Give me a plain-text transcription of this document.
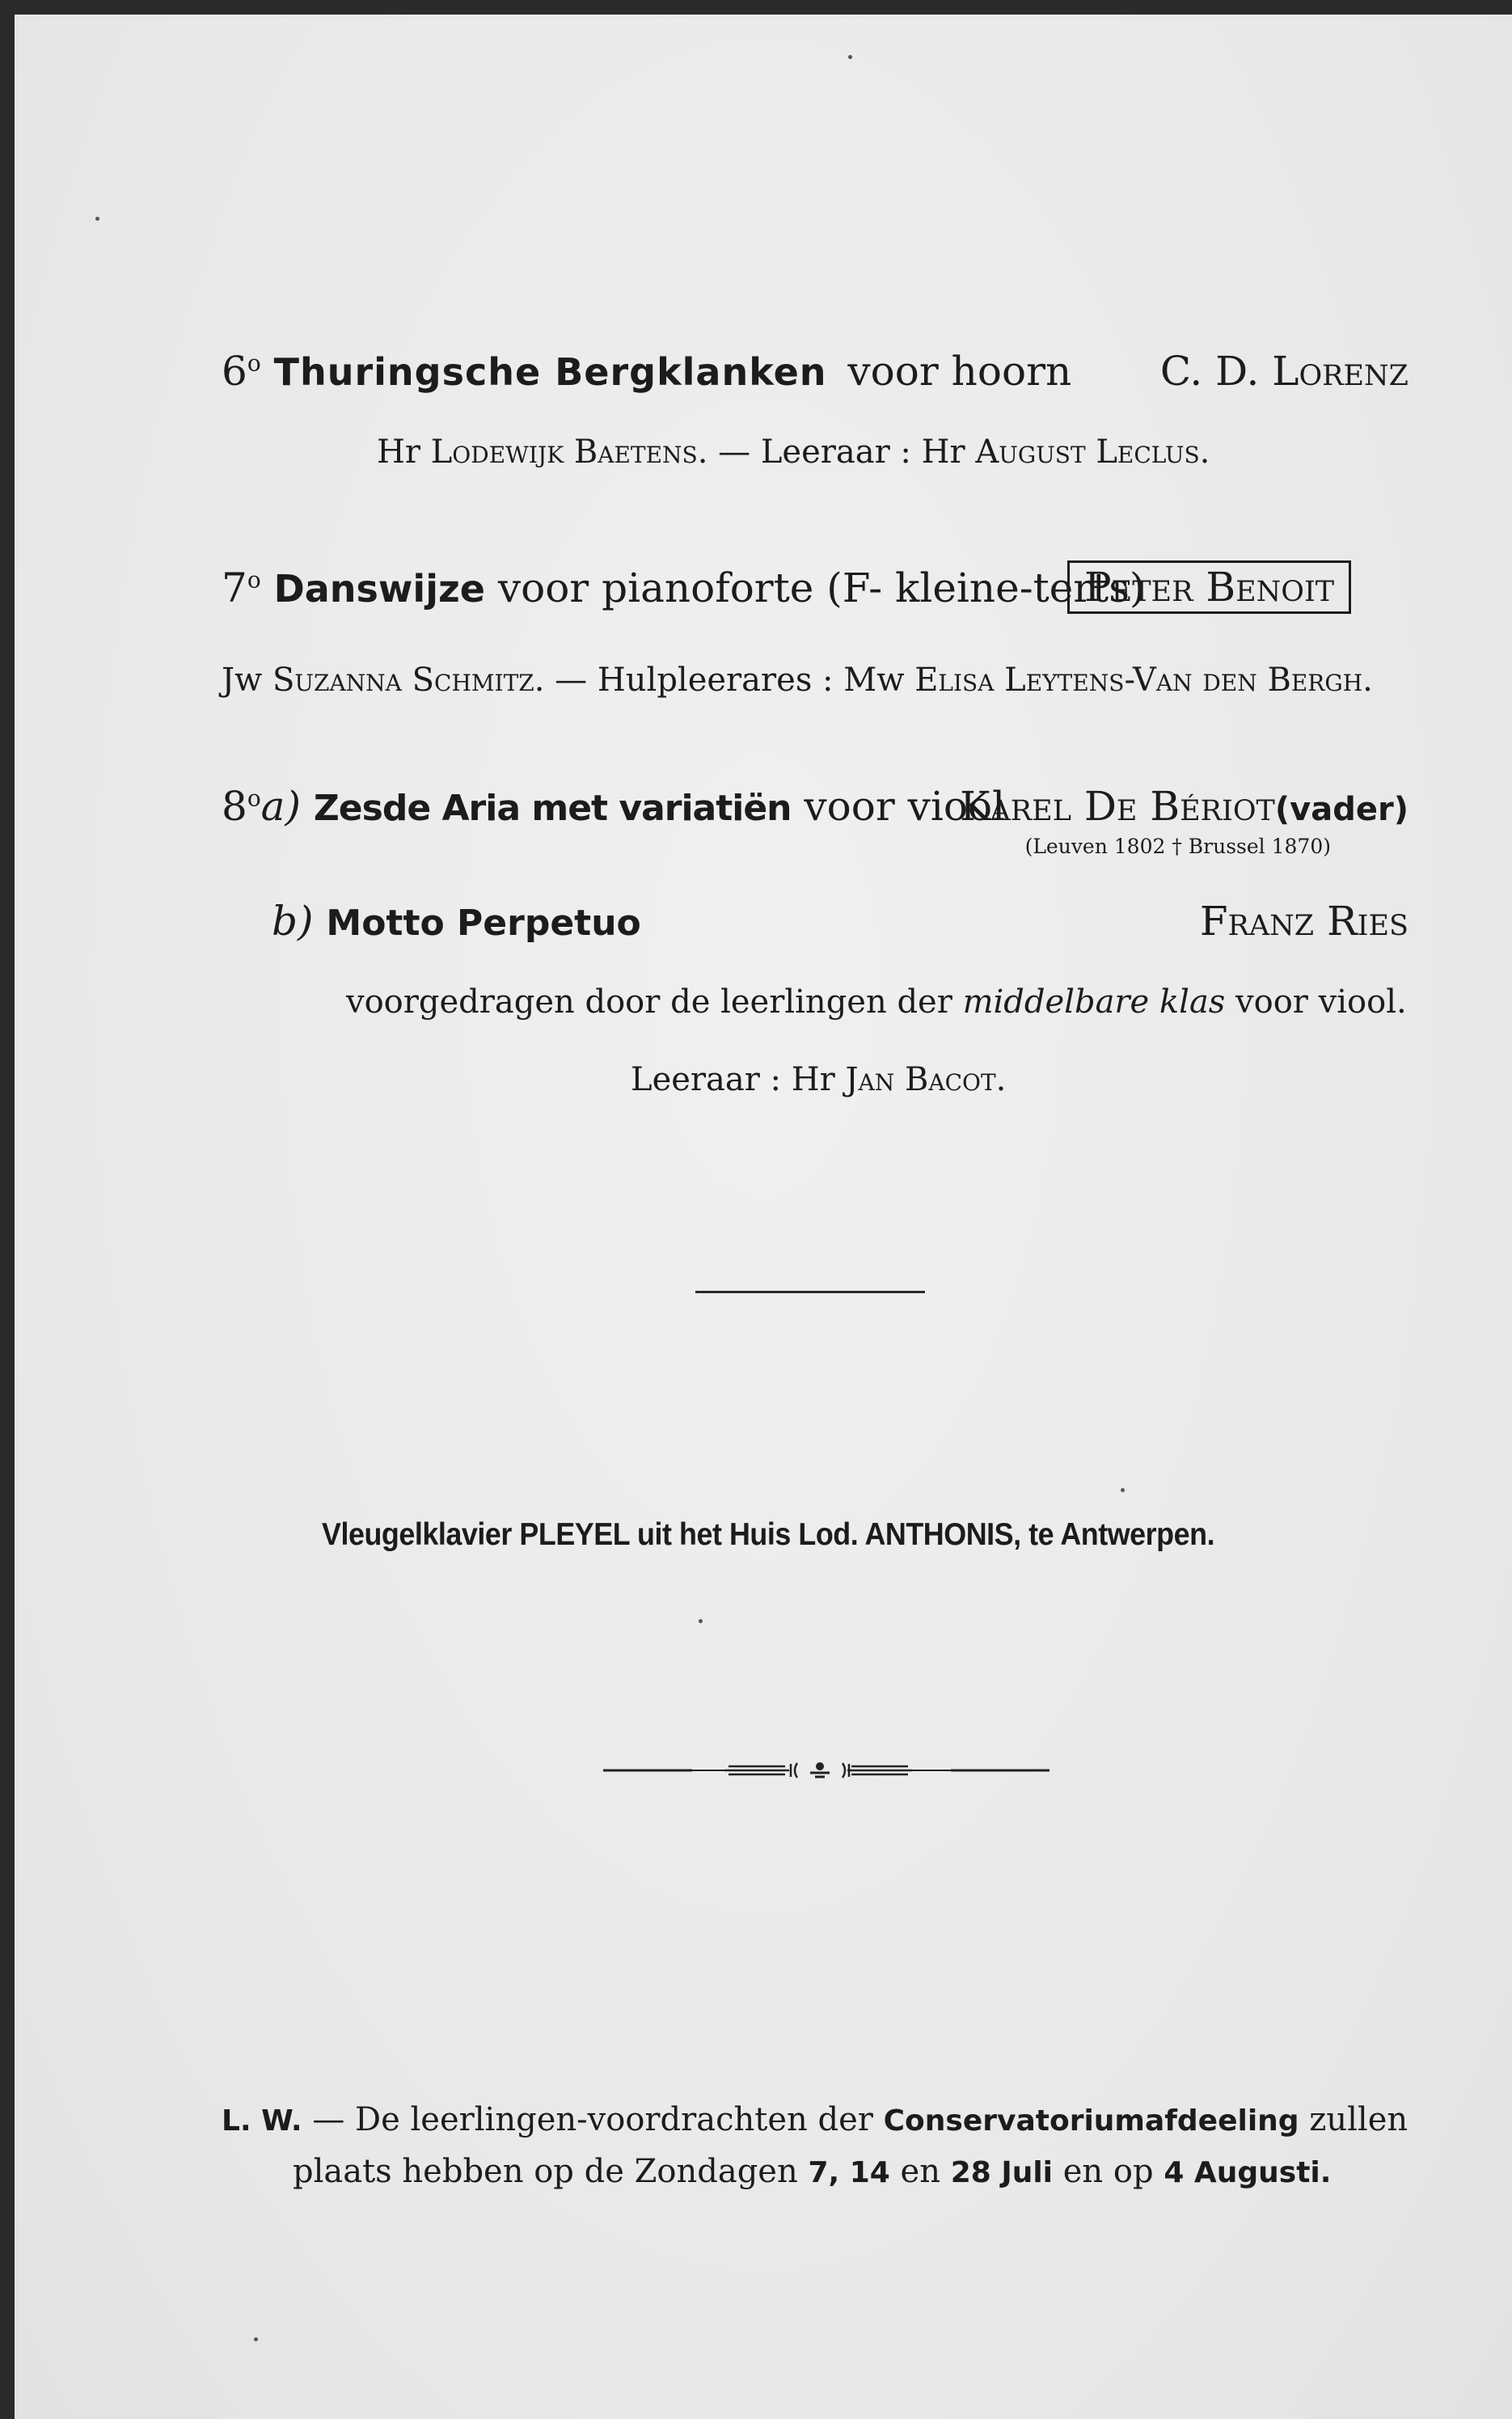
6$^o$ Thuringsche Bergklanken voor hoorn C. D. Lorenz
Hr Lodewijk Baetens. — Leeraar : Hr August Leclus.
7$^o$ Danswijze voor pianoforte (F- kleine-terts)
Peter Benoit
Jw Suzanna Schmitz. — Hulpleerares : Mw Elisa Leytens-Van den Bergh.
8$^o$a) Zesde Aria met variatiën voor viool
Karel De Bériot(vader)
(Leuven 1802 † Brussel 1870)
b) Motto Perpetuo	Franz Ries
voorgedragen door de leerlingen der middelbare klas voor viool.
Leeraar : Hr Jan Bacot.
Vleugelklavier PLEYEL uit het Huis Lod. ANTHONIS, te Antwerpen.
L. W. — De leerlingen-voordrachten der Conservatoriumafdeeling zullen
plaats hebben op de Zondagen 7, 14 en 28 Juli en op 4 Augusti.
